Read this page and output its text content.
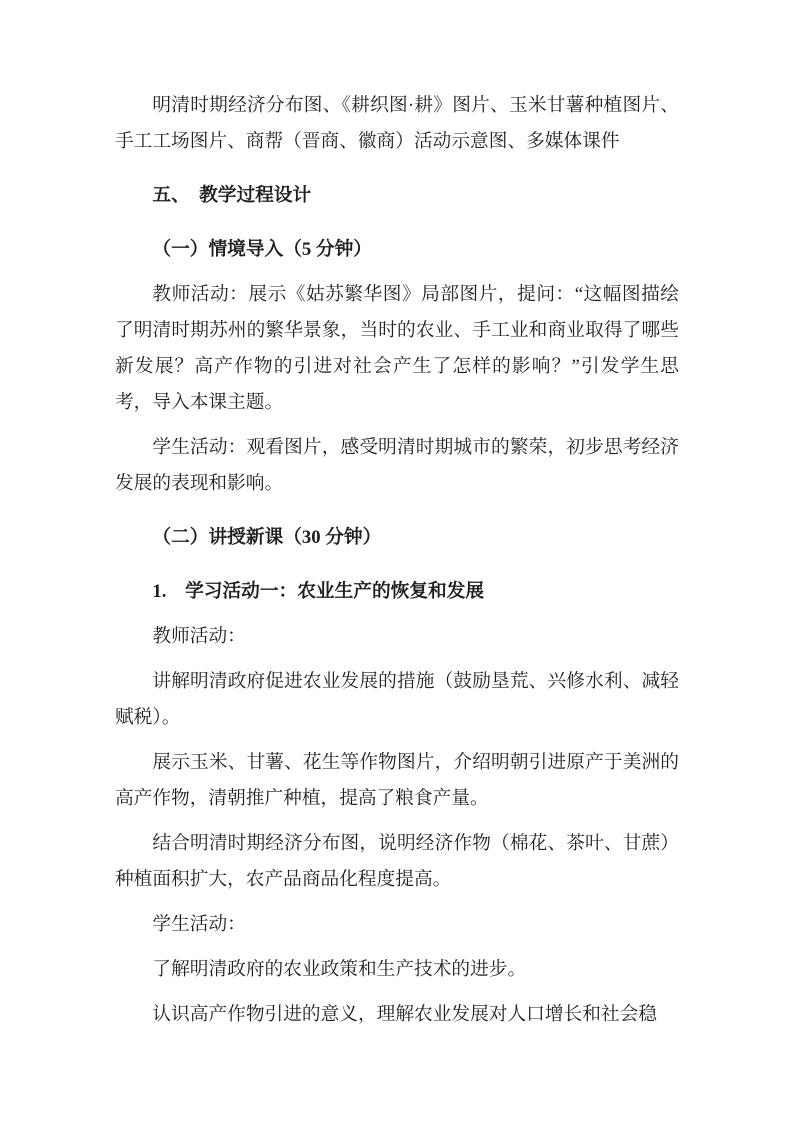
明清时期经济分布图、《耕织图·耕》图片、玉米甘薯种植图片、手工工场图片、商帮（晋商、徽商）活动示意图、多媒体课件

五、　教学过程设计

（一）情境导入（5 分钟）

教师活动：展示《姑苏繁华图》局部图片，提问：“这幅图描绘了明清时期苏州的繁华景象，当时的农业、手工业和商业取得了哪些新发展？高产作物的引进对社会产生了怎样的影响？”引发学生思考，导入本课主题。

学生活动：观看图片，感受明清时期城市的繁荣，初步思考经济发展的表现和影响。

（二）讲授新课（30 分钟）

1.　学习活动一：农业生产的恢复和发展

教师活动：

讲解明清政府促进农业发展的措施（鼓励垦荒、兴修水利、减轻赋税）。

展示玉米、甘薯、花生等作物图片，介绍明朝引进原产于美洲的高产作物，清朝推广种植，提高了粮食产量。

结合明清时期经济分布图，说明经济作物（棉花、茶叶、甘蔗）种植面积扩大，农产品商品化程度提高。

学生活动：

了解明清政府的农业政策和生产技术的进步。

认识高产作物引进的意义，理解农业发展对人口增长和社会稳
